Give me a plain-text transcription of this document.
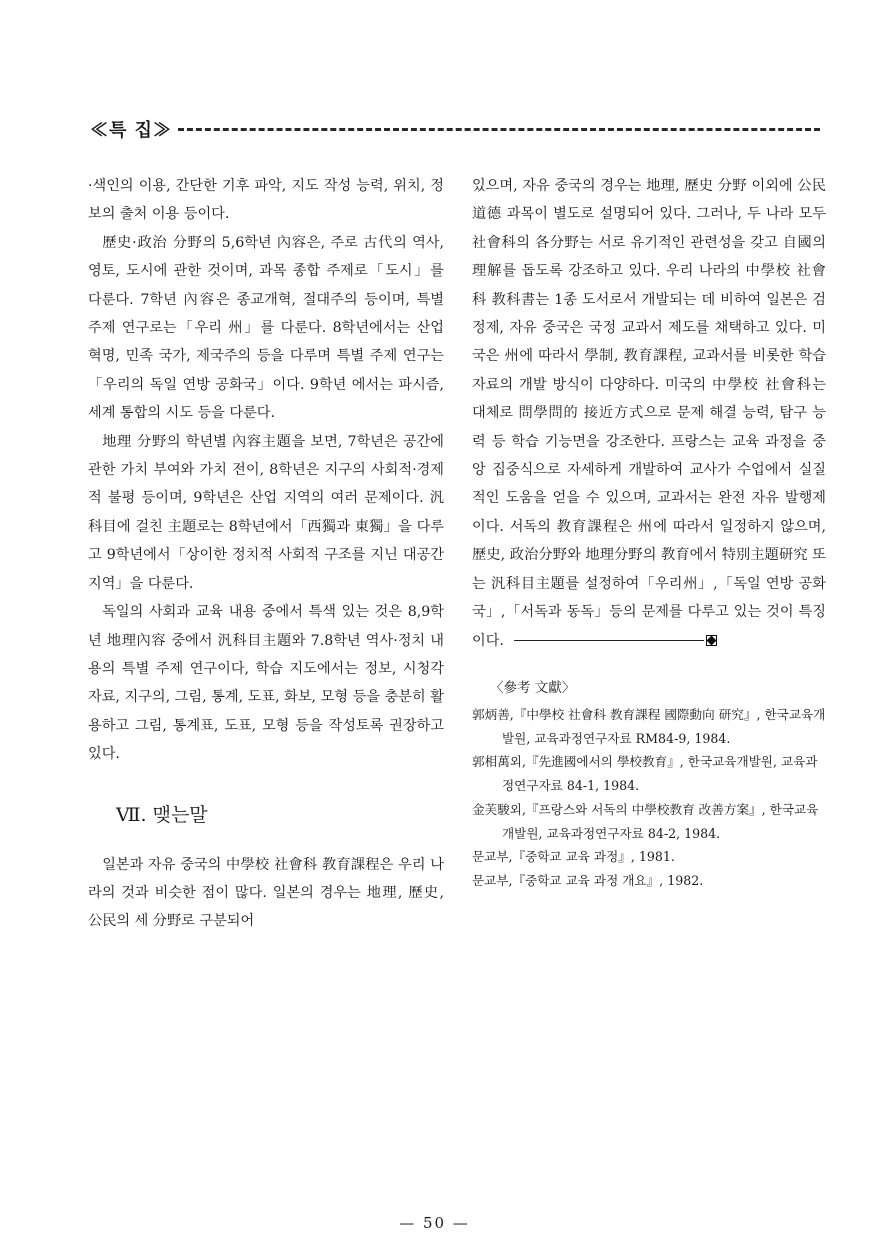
≪특 집≫

·색인의 이용, 간단한 기후 파악, 지도 작성 능력, 위치, 정보의 출처 이용 등이다.

歷史·政治 分野의 5,6학년 內容은, 주로 古代의 역사, 영토, 도시에 관한 것이며, 과목 종합 주제로「도시」를 다룬다. 7학년 內容은 종교개혁, 절대주의 등이며, 특별 주제 연구로는「우리 州」를 다룬다. 8학년에서는 산업 혁명, 민족 국가, 제국주의 등을 다루며 특별 주제 연구는「우리의 독일 연방 공화국」이다. 9학년 에서는 파시즘, 세계 통합의 시도 등을 다룬다.

地理 分野의 학년별 內容主題을 보면, 7학년은 공간에 관한 가치 부여와 가치 전이, 8학년은 지구의 사회적·경제적 불평 등이며, 9학년은 산업 지역의 여러 문제이다. 汎科目에 걸친 主題로는 8학년에서「西獨과 東獨」을 다루고 9학년에서「상이한 정치적 사회적 구조를 지닌 대공간 지역」을 다룬다.

독일의 사회과 교육 내용 중에서 특색 있는 것은 8,9학년 地理內容 중에서 汎科目主題와 7.8학년 역사·정치 내용의 특별 주제 연구이다, 학습 지도에서는 정보, 시청각 자료, 지구의, 그림, 통계, 도표, 화보, 모형 등을 충분히 활용하고 그림, 통계표, 도표, 모형 등을 작성토록 권장하고 있다.

Ⅶ. 맺는말

일본과 자유 중국의 中學校 社會科 教育課程은 우리 나라의 것과 비슷한 점이 많다. 일본의 경우는 地理, 歷史, 公民의 세 分野로 구분되어

있으며, 자유 중국의 경우는 地理, 歷史 分野 이외에 公民道德 과목이 별도로 설명되어 있다. 그러나, 두 나라 모두 社會科의 各分野는 서로 유기적인 관련성을 갖고 自國의 理解를 돕도록 강조하고 있다. 우리 나라의 中學校 社會科 教科書는 1종 도서로서 개발되는 데 비하여 일본은 검정제, 자유 중국은 국정 교과서 제도를 채택하고 있다. 미국은 州에 따라서 學制, 教育課程, 교과서를 비롯한 학습 자료의 개발 방식이 다양하다. 미국의 中學校 社會科는 대체로 問學問的 接近方式으로 문제 해결 능력, 탐구 능력 등 학습 기능면을 강조한다. 프랑스는 교육 과정을 중앙 집중식으로 자세하게 개발하여 교사가 수업에서 실질적인 도움을 얻을 수 있으며, 교과서는 완전 자유 발행제이다. 서독의 教育課程은 州에 따라서 일정하지 않으며, 歷史, 政治分野와 地理分野의 教育에서 特別主題研究 또는 汎科目主題를 설정하여「우리州」,「독일 연방 공화국」,「서독과 동독」등의 문제를 다루고 있는 것이 특징이다.

〈參考 文獻〉

郭炳善,『中學校 社會科 教育課程 國際動向 研究』, 한국교육개발원, 교육과정연구자료 RM84-9, 1984.

郭相萬외,『先進國에서의 學校教育』, 한국교육개발원, 교육과정연구자료 84-1, 1984.

金芙駿외,『프랑스와 서독의 中學校教育 改善方案』, 한국교육개발원, 교육과정연구자료 84-2, 1984.

문교부,『중학교 교육 과정』, 1981.

문교부,『중학교 교육 과정 개요』, 1982.

— 50 —
